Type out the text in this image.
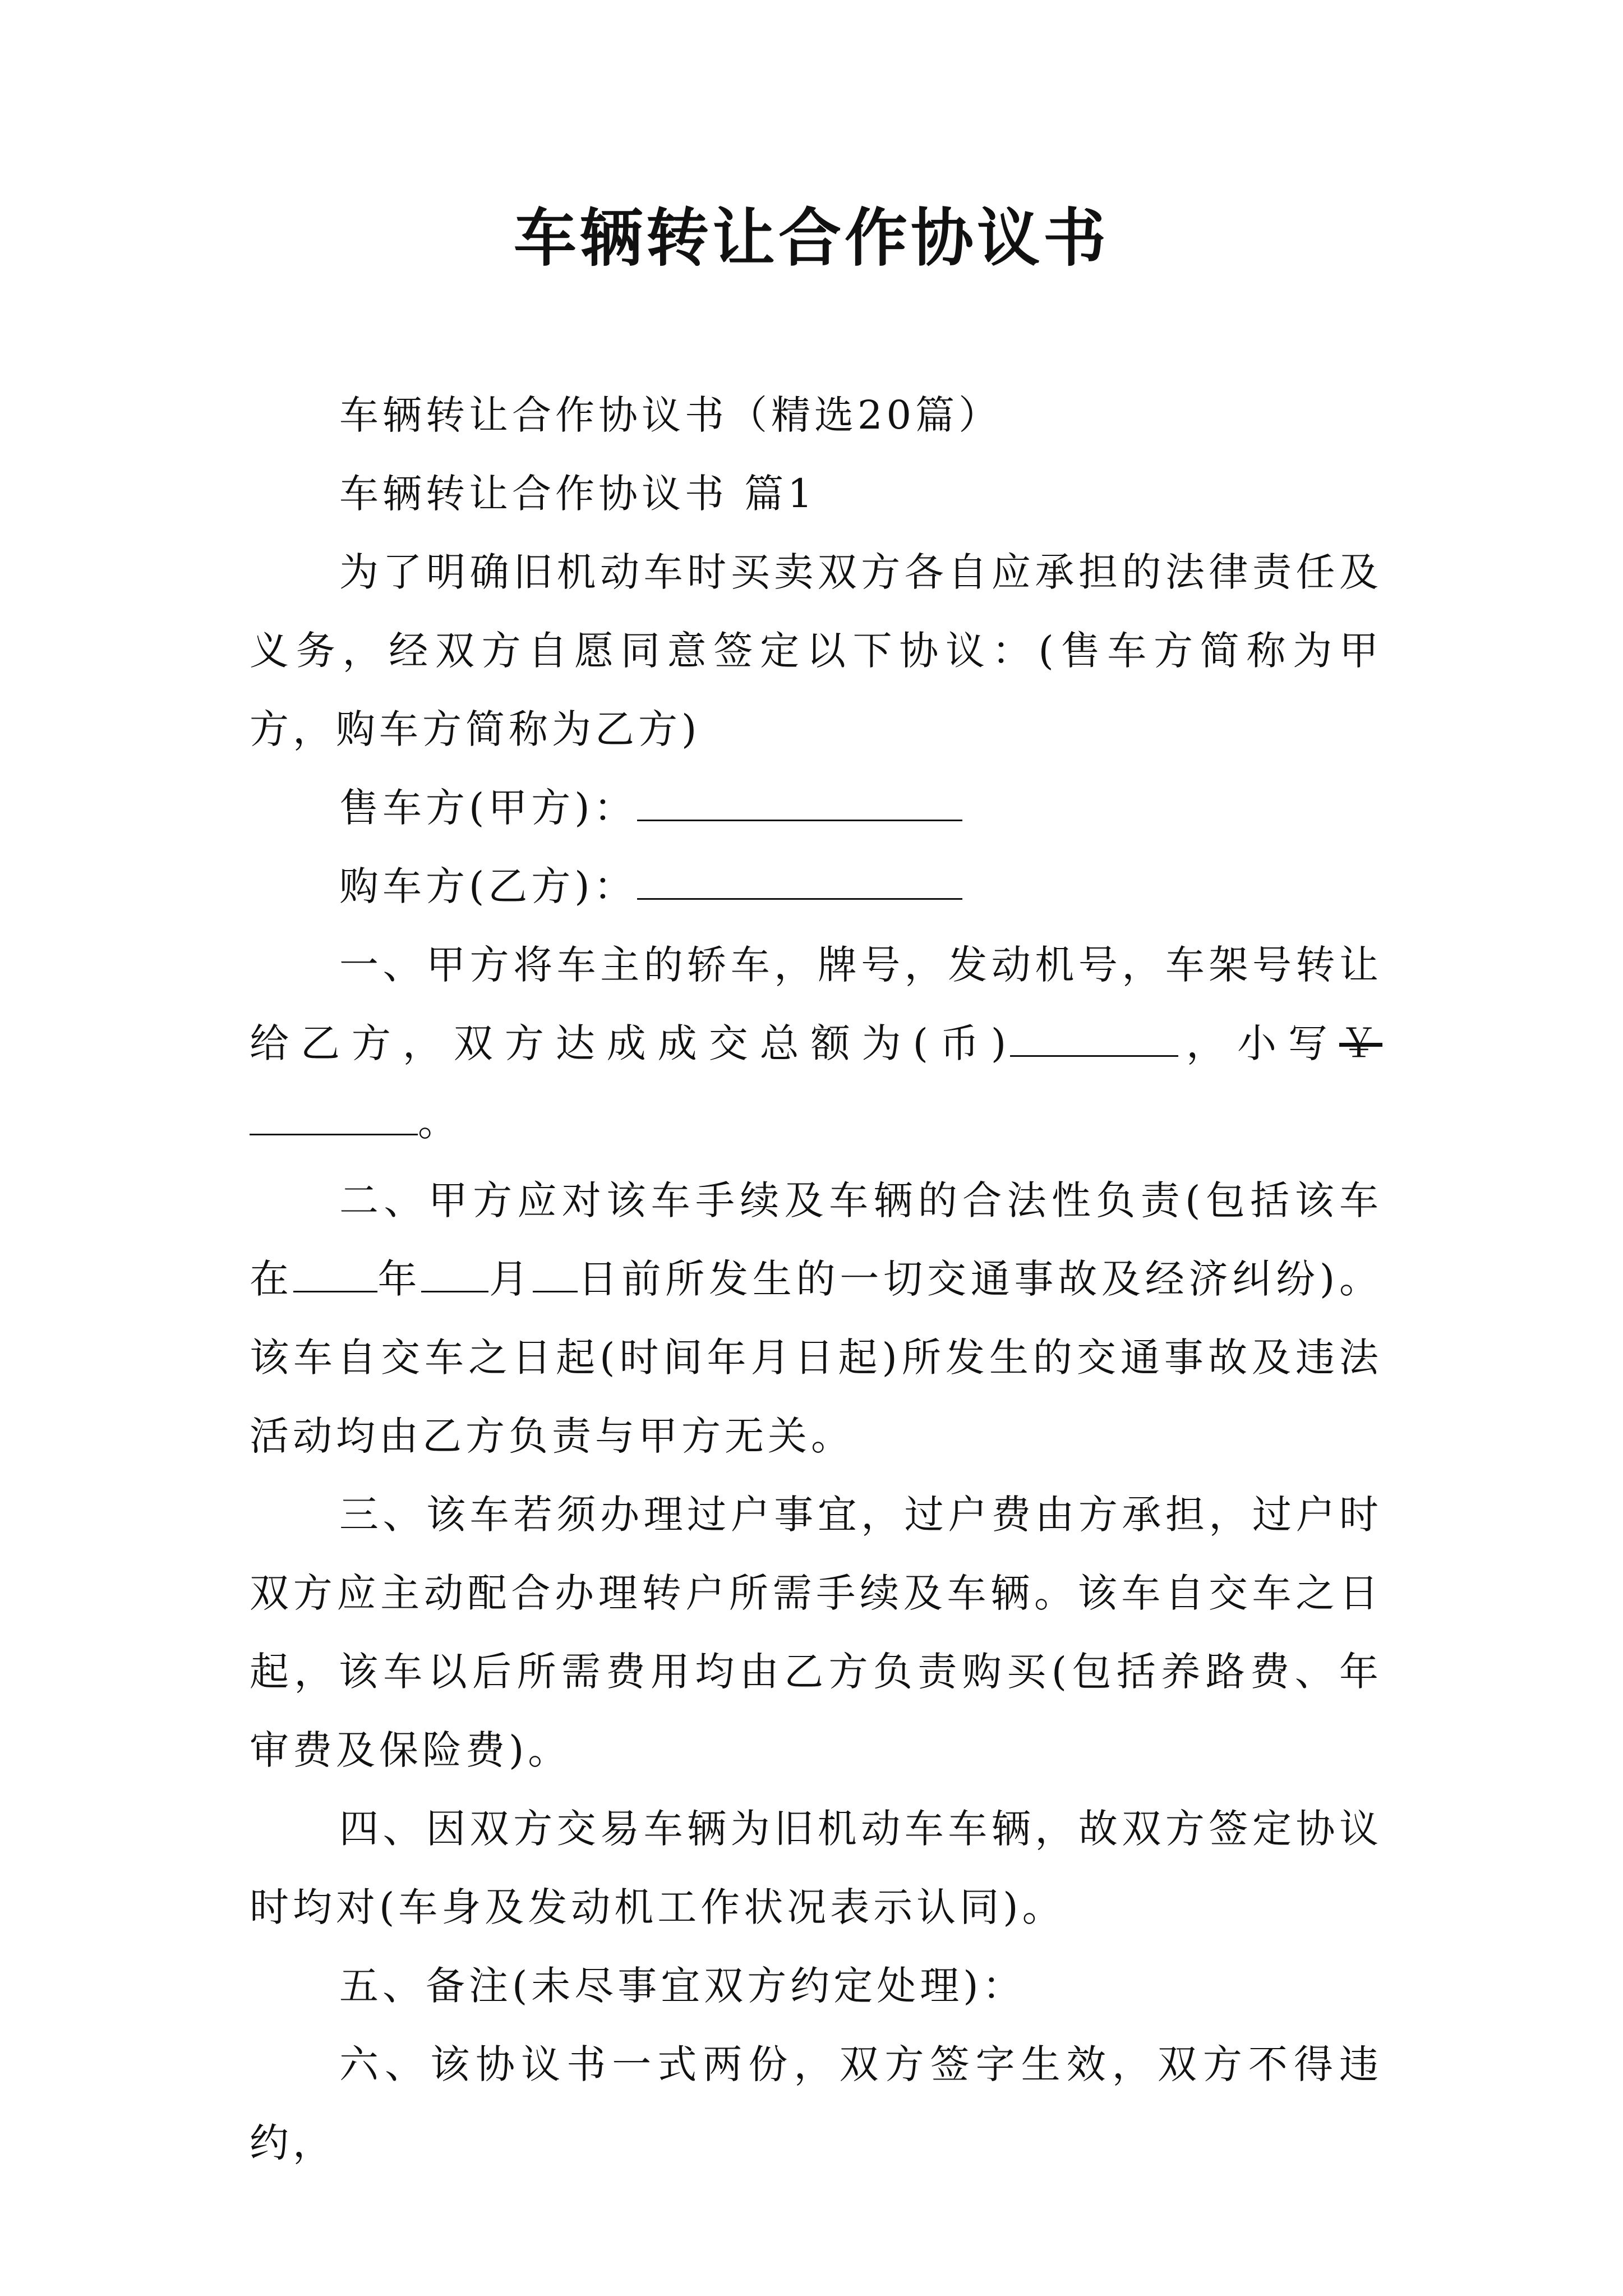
车辆转让合作协议书

车辆转让合作协议书（精选20篇）

车辆转让合作协议书 篇1

为了明确旧机动车时买卖双方各自应承担的法律责任及义务，经双方自愿同意签定以下协议：(售车方简称为甲方，购车方简称为乙方)

售车方(甲方)：

购车方(乙方)：

一、甲方将车主的轿车，牌号，发动机号，车架号转让给乙方，双方达成成交总额为(币)	，小写￥。

二、甲方应对该车手续及车辆的合法性负责(包括该车在 年 月 日前所发生的一切交通事故及经济纠纷)。该车自交车之日起(时间年月日起)所发生的交通事故及违法活动均由乙方负责与甲方无关。

三、该车若须办理过户事宜，过户费由方承担，过户时双方应主动配合办理转户所需手续及车辆。该车自交车之日起，该车以后所需费用均由乙方负责购买(包括养路费、年审费及保险费)。

四、因双方交易车辆为旧机动车车辆，故双方签定协议时均对(车身及发动机工作状况表示认同)。

五、备注(未尽事宜双方约定处理)：

六、该协议书一式两份，双方签字生效，双方不得违约，
